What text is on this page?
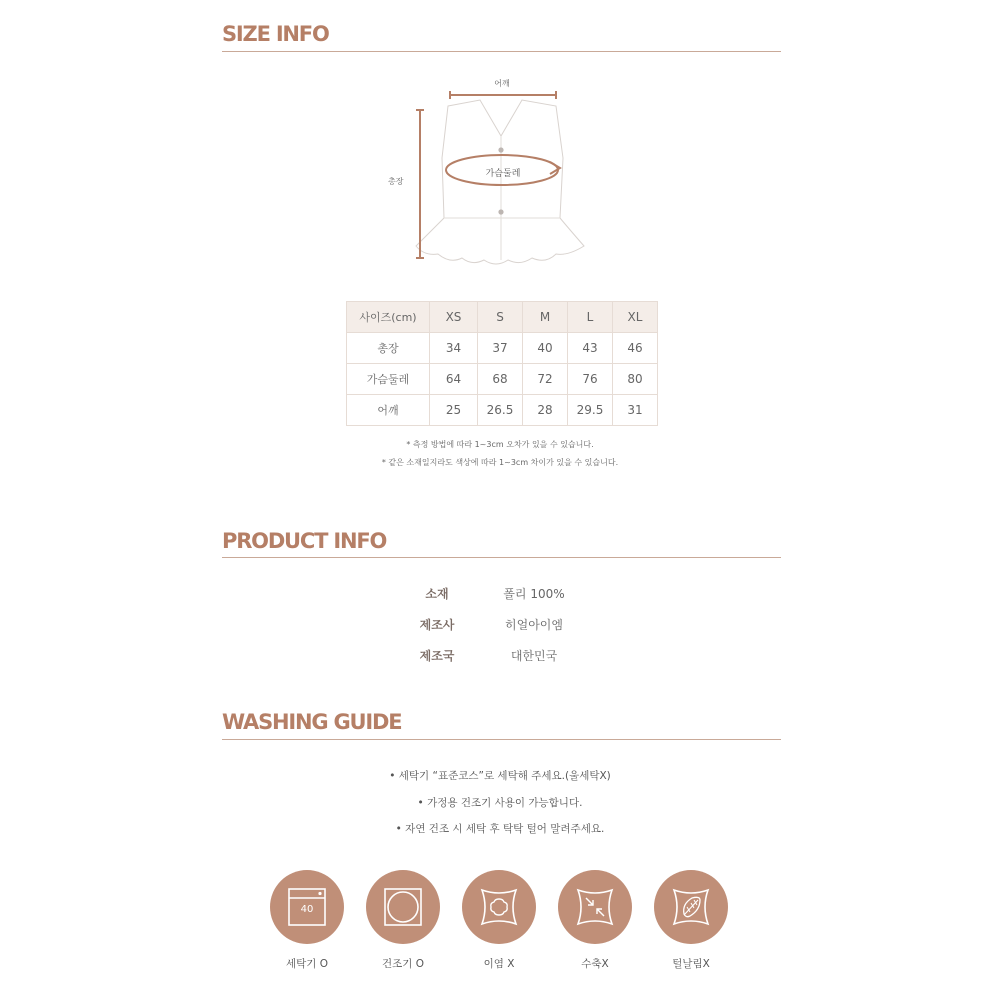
SIZE INFO
어깨
총장
가슴둘레
사이즈(cm)	XS	S	M	L	XL
총장	34	37	40	43	46
가슴둘레	64	68	72	76	80
어깨	25	26.5	28	29.5	31
* 측정 방법에 따라 1~3cm 오차가 있을 수 있습니다.
* 같은 소재일지라도 색상에 따라 1~3cm 차이가 있을 수 있습니다.
PRODUCT INFO
소재	폴리 100%
제조사	히얼아이엠
제조국	대한민국
WASHING GUIDE
• 세탁기 “표준코스”로 세탁해 주세요.(울세탁X)
• 가정용 건조기 사용이 가능합니다.
• 자연 건조 시 세탁 후 탁탁 털어 말려주세요.
40
세탁기 O	건조기 O	이염 X	수축X	털날림X
